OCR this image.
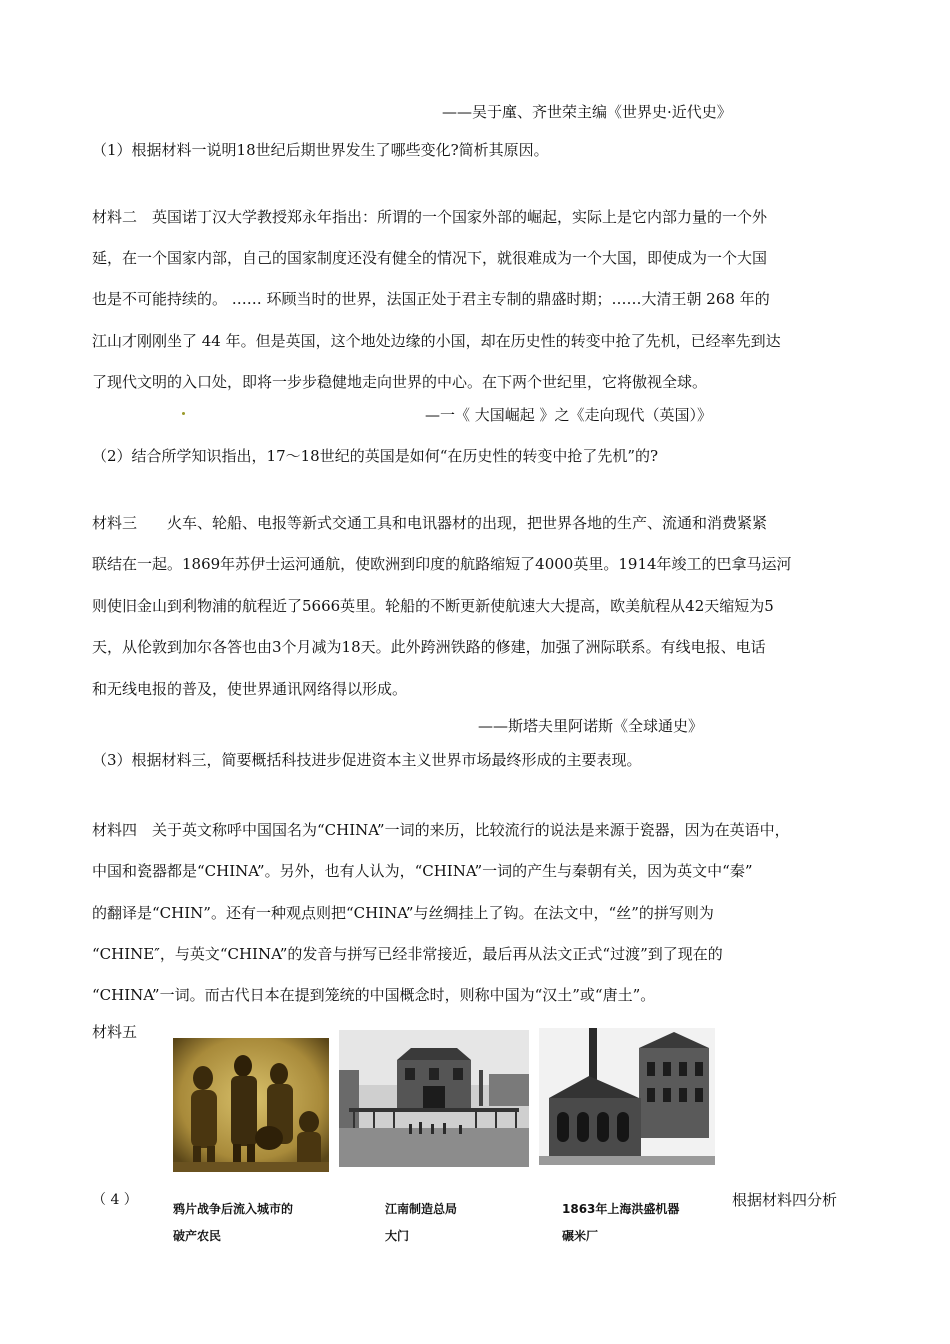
——吴于廑、齐世荣主编《世界史·近代史》
（1）根据材料一说明18世纪后期世界发生了哪些变化?简析其原因。
材料二　英国诺丁汉大学教授郑永年指出：所谓的一个国家外部的崛起，实际上是它内部力量的一个外
延，在一个国家内部，自己的国家制度还没有健全的情况下，就很难成为一个大国，即使成为一个大国
也是不可能持续的。 …… 环顾当时的世界，法国正处于君主专制的鼎盛时期；……大清王朝 268 年的
江山才刚刚坐了 44 年。但是英国，这个地处边缘的小国，却在历史性的转变中抢了先机，已经率先到达
了现代文明的入口处，即将一步步稳健地走向世界的中心。在下两个世纪里，它将傲视全球。
—一《 大国崛起 》之《走向现代（英国）》
（2）结合所学知识指出，17～18世纪的英国是如何“在历史性的转变中抢了先机”的?
材料三　　火车、轮船、电报等新式交通工具和电讯器材的出现，把世界各地的生产、流通和消费紧紧
联结在一起。1869年苏伊士运河通航，使欧洲到印度的航路缩短了4000英里。1914年竣工的巴拿马运河
则使旧金山到利物浦的航程近了5666英里。轮船的不断更新使航速大大提高，欧美航程从42天缩短为5
天，从伦敦到加尔各答也由3个月减为18天。此外跨洲铁路的修建，加强了洲际联系。有线电报、电话
和无线电报的普及，使世界通讯网络得以形成。
——斯塔夫里阿诺斯《全球通史》
（3）根据材料三，简要概括科技进步促进资本主义世界市场最终形成的主要表现。
材料四　关于英文称呼中国国名为“CHINA”一词的来历，比较流行的说法是来源于瓷器，因为在英语中，
中国和瓷器都是“CHINA”。另外，也有人认为，“CHINA”一词的产生与秦朝有关，因为英文中“秦”
的翻译是“CHIN”。还有一种观点则把“CHINA”与丝绸挂上了钩。在法文中，“丝”的拼写则为
“CHINE″，与英文“CHINA”的发音与拼写已经非常接近，最后再从法文正式“过渡”到了现在的
“CHINA”一词。而古代日本在提到笼统的中国概念时，则称中国为“汉土”或“唐土”。
材料五
（ 4 ）	根据材料四分析
鸦片战争后流入城市的
破产农民
江南制造总局
大门
1863年上海洪盛机器
碾米厂
